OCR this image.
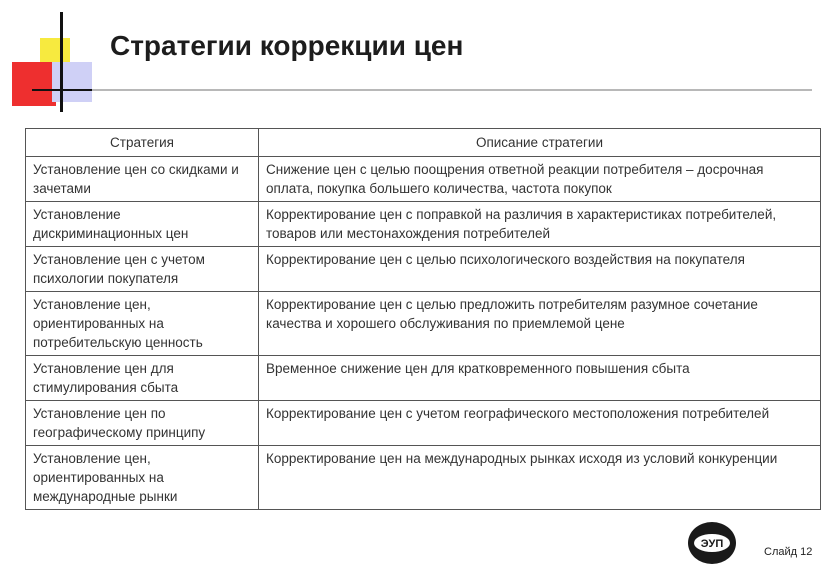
Стратегии коррекции цен
Стратегия	Описание стратегии
Установление цен со скидками и зачетами	Снижение цен с целью поощрения ответной реакции потребителя – досрочная оплата, покупка большего количества, частота покупок
Установление дискриминационных цен	Корректирование цен с поправкой на различия в характеристиках потребителей, товаров или местонахождения потребителей
Установление цен с учетом психологии покупателя	Корректирование цен с целью психологического воздействия на покупателя
Установление цен, ориентированных на потребительскую ценность	Корректирование цен с целью предложить потребителям разумное сочетание качества и хорошего обслуживания по приемлемой цене
Установление цен для стимулирования сбыта	Временное снижение цен для кратковременного повышения сбыта
Установление цен по географическому принципу	Корректирование цен с учетом географического местоположения потребителей
Установление цен, ориентированных на международные рынки	Корректирование цен на международных рынках исходя из условий конкуренции
ЭУП
Слайд 12
